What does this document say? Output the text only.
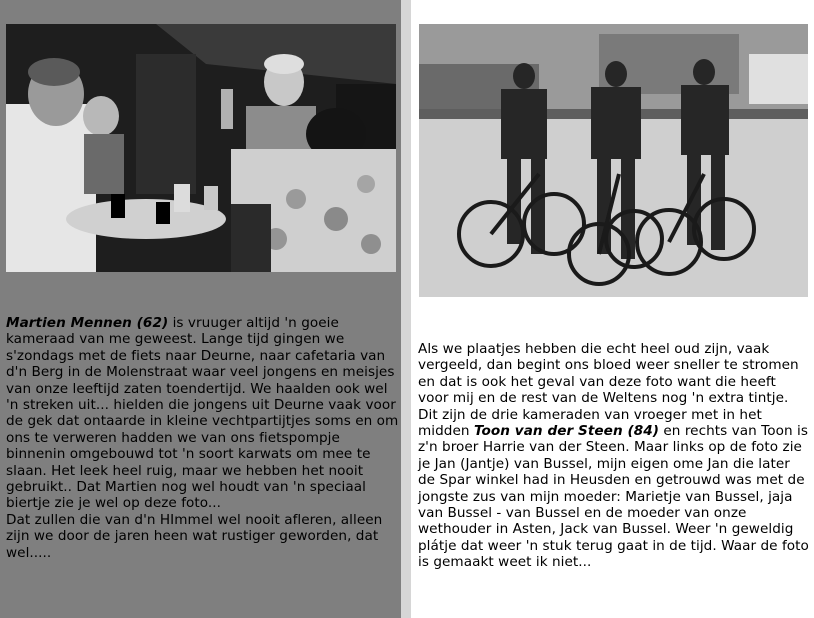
Martien Mennen (62) is vruuger altijd 'n goeie kameraad van me geweest. Lange tijd gingen we s'zondags met de fiets naar Deurne, naar cafetaria van d'n Berg in de Molenstraat waar veel jongens en meisjes van onze leeftijd zaten toendertijd. We haalden ook wel 'n streken uit... hielden die jongens uit Deurne vaak voor de gek dat ontaarde in kleine vechtpartijtjes soms en om ons te verweren hadden we van ons fietspompje binnenin omgebouwd tot 'n soort karwats om mee te slaan. Het leek heel ruig, maar we hebben het nooit gebruikt.. Dat Martien nog wel houdt van 'n speciaal biertje zie je wel op deze foto...

Dat zullen die van d'n HImmel wel nooit afleren, alleen zijn we door de jaren heen wat rustiger geworden, dat wel.....

Als we plaatjes hebben die echt heel oud zijn, vaak vergeeld, dan begint ons bloed weer sneller te stromen en dat is ook het geval van deze foto want die heeft voor mij en de rest van de Weltens nog 'n extra tintje. Dit zijn de drie kameraden van vroeger met in het midden Toon van der Steen (84) en rechts van Toon is z'n broer Harrie van der Steen. Maar links op de foto zie je Jan (Jantje) van Bussel, mijn eigen ome Jan die later de Spar winkel had in Heusden en getrouwd was met de jongste zus van mijn moeder: Marietje van Bussel, jaja van Bussel - van Bussel en de moeder van onze wethouder in Asten, Jack van Bussel. Weer 'n geweldig plátje dat weer 'n stuk terug gaat in de tijd. Waar de foto is gemaakt weet ik niet...
